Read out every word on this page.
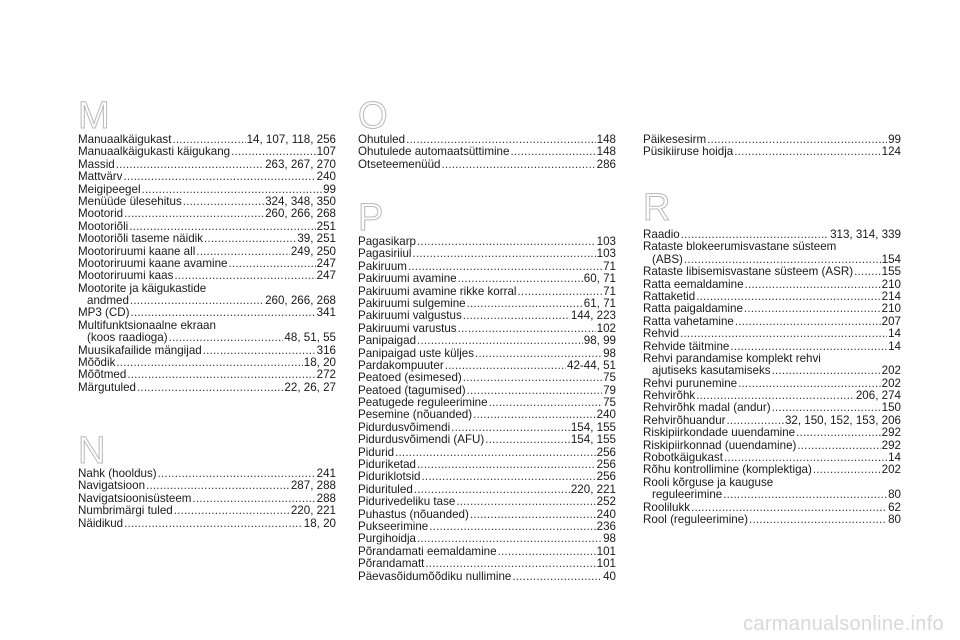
M
Manuaalkäigukast .....	14, 107, 118, 256
Manuaalkäigukasti käigukang .....	107
Massid .....	263, 267, 270
Mattvärv .....	240
Meigipeegel .....	99
Menüüde ülesehitus .....	324, 348, 350
Mootorid .....	260, 266, 268
Mootoriõli .....	251
Mootoriõli taseme näidik .....	39, 251
Mootoriruumi kaane all .....	249, 250
Mootoriruumi kaane avamine .....	247
Mootoriruumi kaas .....	247
Mootorite ja käigukastide
andmed .....	260, 266, 268
MP3 (CD) .....	341
Multifunktsionaalne ekraan
(koos raadioga) .....	48, 51, 55
Muusikafailide mängijad .....	316
Mõõdik .....	18, 20
Mõõtmed .....	272
Märgutuled .....	22, 26, 27
N
Nahk (hooldus) .....	241
Navigatsioon .....	287, 288
Navigatsioonisüsteem .....	288
Numbrimärgi tuled .....	220, 221
Näidikud .....	18, 20
O
Ohutuled .....	148
Ohutulede automaatsüttimine .....	148
Otseteemenüüd .....	286
P
Pagasikarp .....	103
Pagasiriiul .....	103
Pakiruum .....	71
Pakiruumi avamine .....	60, 71
Pakiruumi avamine rikke korral .....	71
Pakiruumi sulgemine .....	61, 71
Pakiruumi valgustus .....	144, 223
Pakiruumi varustus .....	102
Panipaigad .....	98, 99
Panipaigad uste küljes .....	98
Pardakompuuter .....	42-44, 51
Peatoed (esimesed) .....	75
Peatoed (tagumised) .....	79
Peatugede reguleerimine .....	75
Pesemine (nõuanded) .....	240
Pidurdusvõimendi .....	154, 155
Pidurdusvõimendi (AFU) .....	154, 155
Pidurid .....	256
Piduriketad .....	256
Piduriklotsid .....	256
Pidurituled .....	220, 221
Pidurivedeliku tase .....	252
Puhastus (nõuanded) .....	240
Pukseerimine .....	236
Purgihoidja .....	98
Põrandamati eemaldamine .....	101
Põrandamatt .....	101
Päevasõidumõõdiku nullimine .....	40
Päikesesirm .....	99
Püsikiiruse hoidja .....	124
R
Raadio .....	313, 314, 339
Rataste blokeerumisvastane süsteem
(ABS) .....	154
Rataste libisemisvastane süsteem (ASR) ..... 155
Ratta eemaldamine .....	210
Rattaketid .....	214
Ratta paigaldamine .....	210
Ratta vahetamine .....	207
Rehvid .....	14
Rehvide täitmine .....	14
Rehvi parandamise komplekt rehvi
ajutiseks kasutamiseks .....	202
Rehvi purunemine .....	202
Rehvirõhk .....	206, 274
Rehvirõhk madal (andur) .....	150
Rehvirõhuandur .....	32, 150, 152, 153, 206
Riskipiirkondade uuendamine .....	292
Riskipiirkonnad (uuendamine) .....	292
Robotkäigukast .....	14
Rõhu kontrollimine (komplektiga) .....	202
Rooli kõrguse ja kauguse
reguleerimine .....	80
Roolilukk .....	62
Rool (reguleerimine) .....	80
carmanualsonline.info
